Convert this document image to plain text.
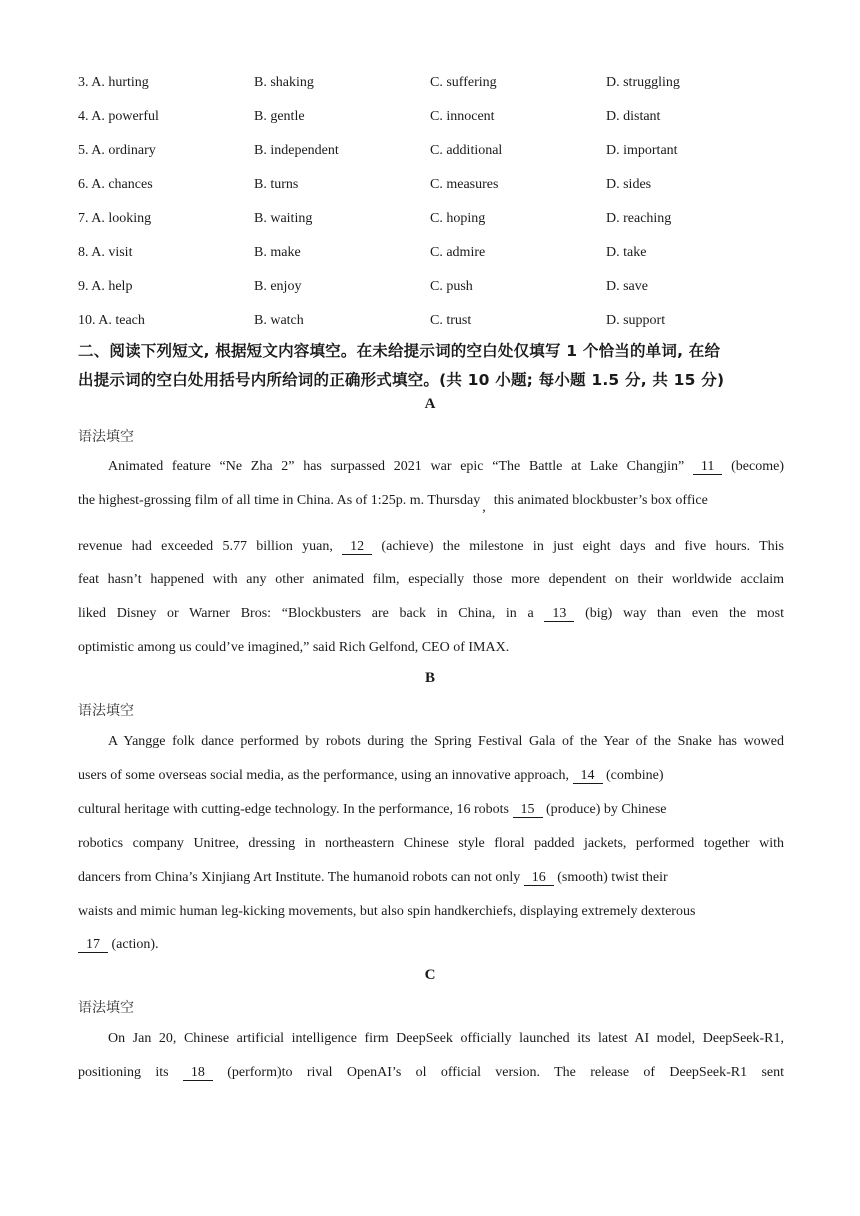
3. A. hurting	B. shaking	C. suffering	D. struggling
4. A. powerful	B. gentle	C. innocent	D. distant
5. A. ordinary	B. independent	C. additional	D. important
6. A. chances	B. turns	C. measures	D. sides
7. A. looking	B. waiting	C. hoping	D. reaching
8. A. visit	B. make	C. admire	D. take
9. A. help	B. enjoy	C. push	D. save
10. A. teach	B. watch	C. trust	D. support
二、阅读下列短文, 根据短文内容填空。在未给提示词的空白处仅填写 1 个恰当的单词, 在给
出提示词的空白处用括号内所给词的正确形式填空。(共 10 小题; 每小题 1.5 分, 共 15 分)
A
语法填空
Animated feature “Ne Zha 2” has surpassed 2021 war epic “The Battle at Lake Changjin” 11 (become)
the highest-grossing film of all time in China. As of 1:25p. m. Thursday , this animated blockbuster’s box office
revenue had exceeded 5.77 billion yuan, 12 (achieve) the milestone in just eight days and five hours. This
feat hasn’t happened with any other animated film, especially those more dependent on their worldwide acclaim
liked Disney or Warner Bros: “Blockbusters are back in China, in a 13 (big) way than even the most
optimistic among us could’ve imagined,” said Rich Gelfond, CEO of IMAX.
B
语法填空
A Yangge folk dance performed by robots during the Spring Festival Gala of the Year of the Snake has wowed
users of some overseas social media, as the performance, using an innovative approach, 14 (combine)
cultural heritage with cutting-edge technology. In the performance, 16 robots 15 (produce) by Chinese
robotics company Unitree, dressing in northeastern Chinese style floral padded jackets, performed together with
dancers from China’s Xinjiang Art Institute. The humanoid robots can not only 16 (smooth) twist their
waists and mimic human leg-kicking movements, but also spin handkerchiefs, displaying extremely dexterous
17 (action).
C
语法填空
On Jan 20, Chinese artificial intelligence firm DeepSeek officially launched its latest AI model, DeepSeek-R1,
positioning its 18 (perform)to rival OpenAI’s ol official version. The release of DeepSeek-R1 sent
